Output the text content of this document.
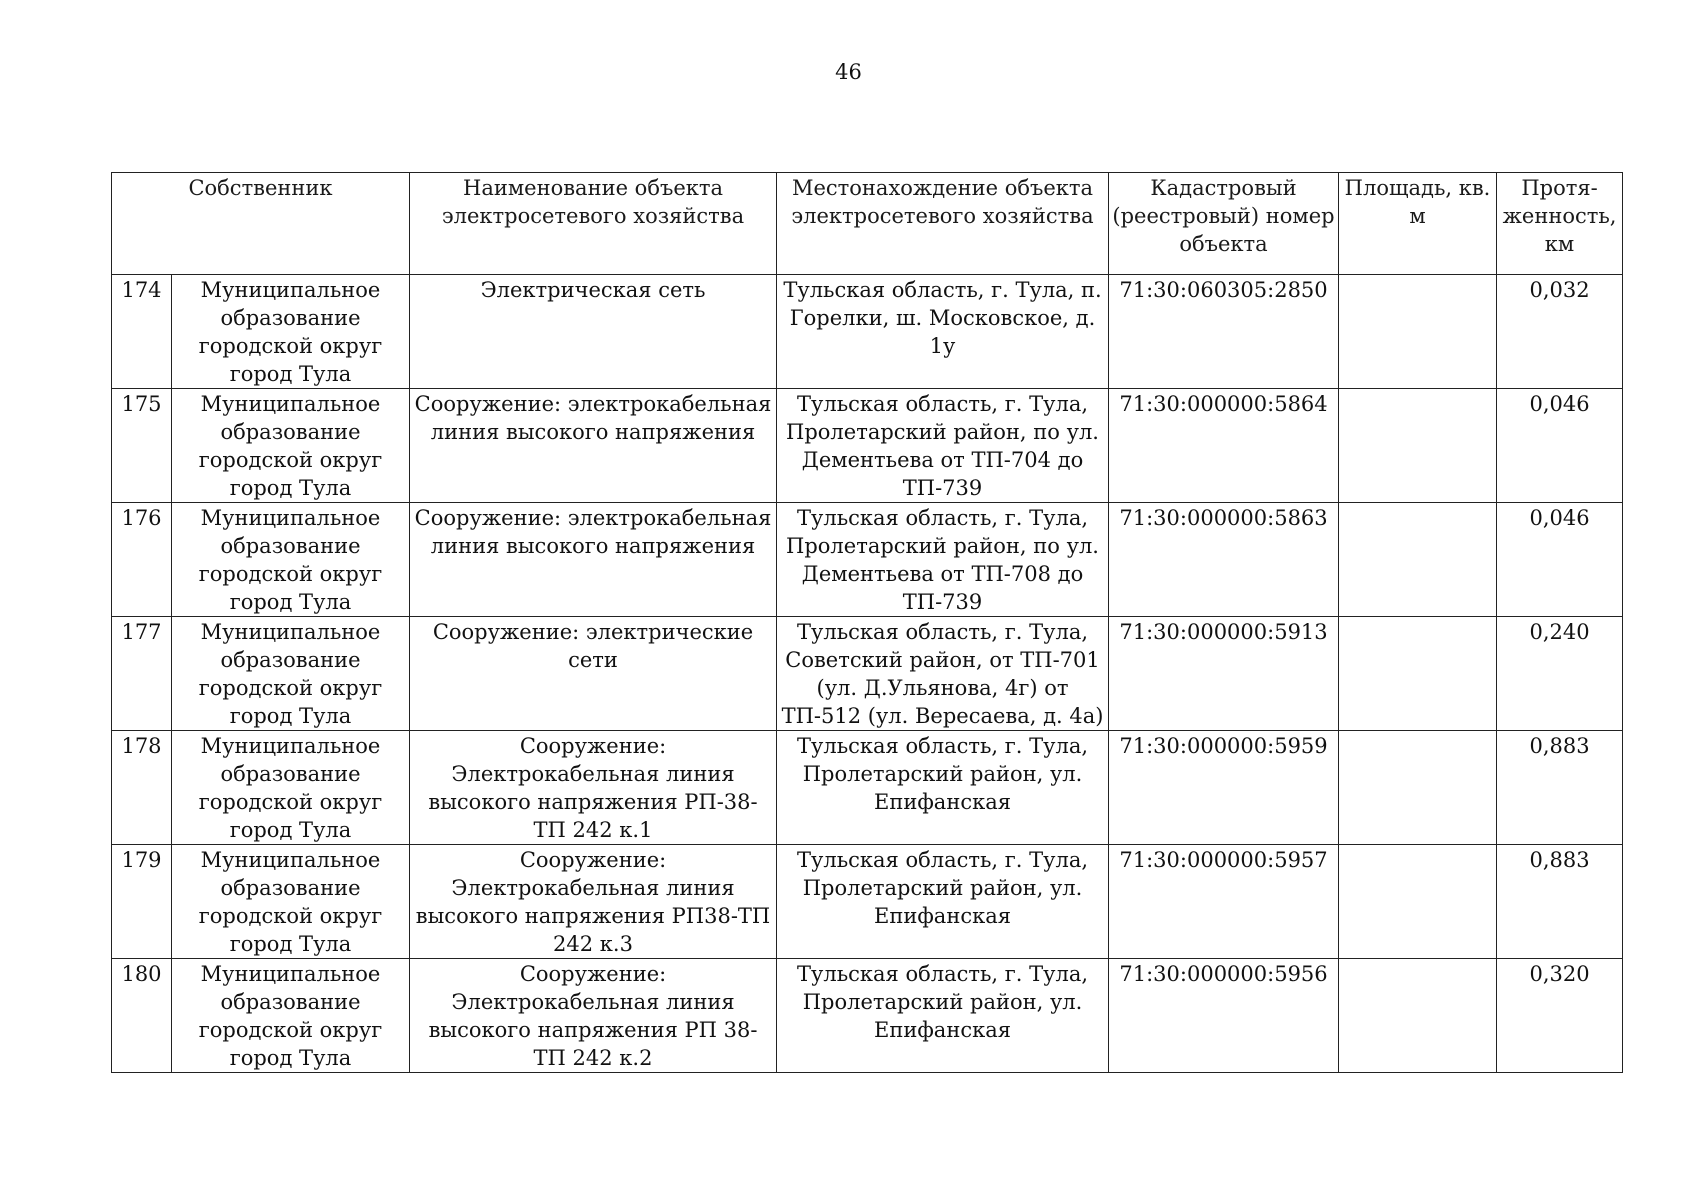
46
Собственник		Наименование объекта электросетевого хозяйства	Местонахождение объекта электросетевого хозяйства	Кадастровый (реестровый) номер объекта	Площадь, кв. м	Протя-женность, км
174	Муниципальное образование городской округ город Тула	Электрическая сеть	Тульская область, г. Тула, п. Горелки, ш. Московское, д. 1у	71:30:060305:2850		0,032
175	Муниципальное образование городской округ город Тула	Сооружение: электрокабельная линия высокого напряжения	Тульская область, г. Тула, Пролетарский район, по ул. Дементьева от ТП-704 до ТП-739	71:30:000000:5864		0,046
176	Муниципальное образование городской округ город Тула	Сооружение: электрокабельная линия высокого напряжения	Тульская область, г. Тула, Пролетарский район, по ул. Дементьева от ТП-708 до ТП-739	71:30:000000:5863		0,046
177	Муниципальное образование городской округ город Тула	Сооружение: электрические сети	Тульская область, г. Тула, Советский район, от ТП-701 (ул. Д.Ульянова, 4г) от ТП-512 (ул. Вересаева, д. 4а)	71:30:000000:5913		0,240
178	Муниципальное образование городской округ город Тула	Сооружение: Электрокабельная линия высокого напряжения РП-38-ТП 242 к.1	Тульская область, г. Тула, Пролетарский район, ул. Епифанская	71:30:000000:5959		0,883
179	Муниципальное образование городской округ город Тула	Сооружение: Электрокабельная линия высокого напряжения РП38-ТП 242 к.3	Тульская область, г. Тула, Пролетарский район, ул. Епифанская	71:30:000000:5957		0,883
180	Муниципальное образование городской округ город Тула	Сооружение: Электрокабельная линия высокого напряжения РП 38-ТП 242 к.2	Тульская область, г. Тула, Пролетарский район, ул. Епифанская	71:30:000000:5956		0,320
